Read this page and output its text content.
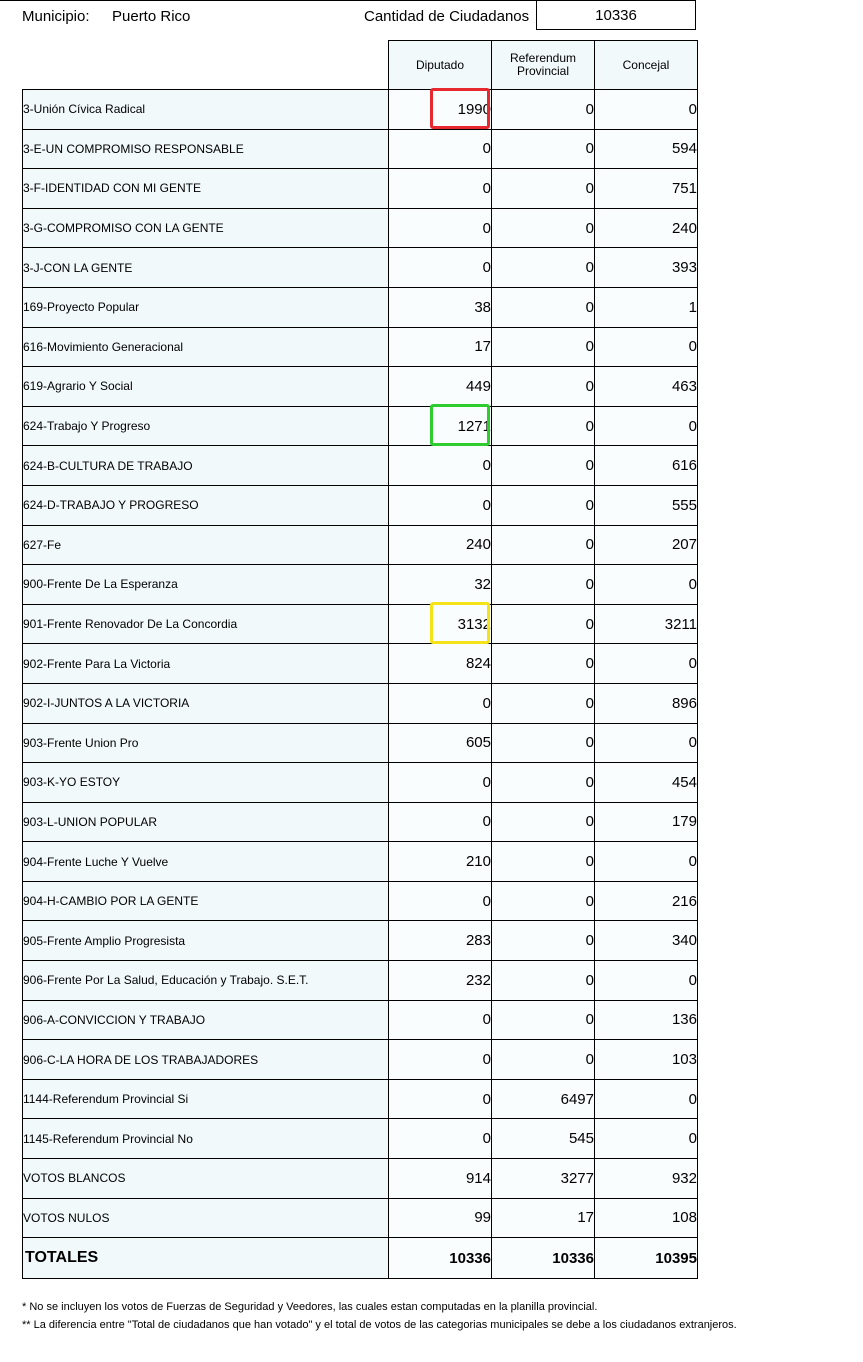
Municipio: Puerto Rico	Cantidad de Ciudadanos	10336
	Diputado	Referendum Provincial	Concejal
3-Unión Cívica Radical	1990	0	0
3-E-UN COMPROMISO RESPONSABLE	0	0	594
3-F-IDENTIDAD CON MI GENTE	0	0	751
3-G-COMPROMISO CON LA GENTE	0	0	240
3-J-CON LA GENTE	0	0	393
169-Proyecto Popular	38	0	1
616-Movimiento Generacional	17	0	0
619-Agrario Y Social	449	0	463
624-Trabajo Y Progreso	1271	0	0
624-B-CULTURA DE TRABAJO	0	0	616
624-D-TRABAJO Y PROGRESO	0	0	555
627-Fe	240	0	207
900-Frente De La Esperanza	32	0	0
901-Frente Renovador De La Concordia	3132	0	3211
902-Frente Para La Victoria	824	0	0
902-I-JUNTOS A LA VICTORIA	0	0	896
903-Frente Union Pro	605	0	0
903-K-YO ESTOY	0	0	454
903-L-UNION POPULAR	0	0	179
904-Frente Luche Y Vuelve	210	0	0
904-H-CAMBIO POR LA GENTE	0	0	216
905-Frente Amplio Progresista	283	0	340
906-Frente Por La Salud, Educación y Trabajo. S.E.T.	232	0	0
906-A-CONVICCION Y TRABAJO	0	0	136
906-C-LA HORA DE LOS TRABAJADORES	0	0	103
1144-Referendum Provincial Si	0	6497	0
1145-Referendum Provincial No	0	545	0
VOTOS BLANCOS	914	3277	932
VOTOS NULOS	99	17	108
TOTALES	10336	10336	10395

* No se incluyen los votos de Fuerzas de Seguridad y Veedores, las cuales estan computadas en la planilla provincial.

** La diferencia entre "Total de ciudadanos que han votado" y el total de votos de las categorias municipales se debe a los ciudadanos extranjeros.
